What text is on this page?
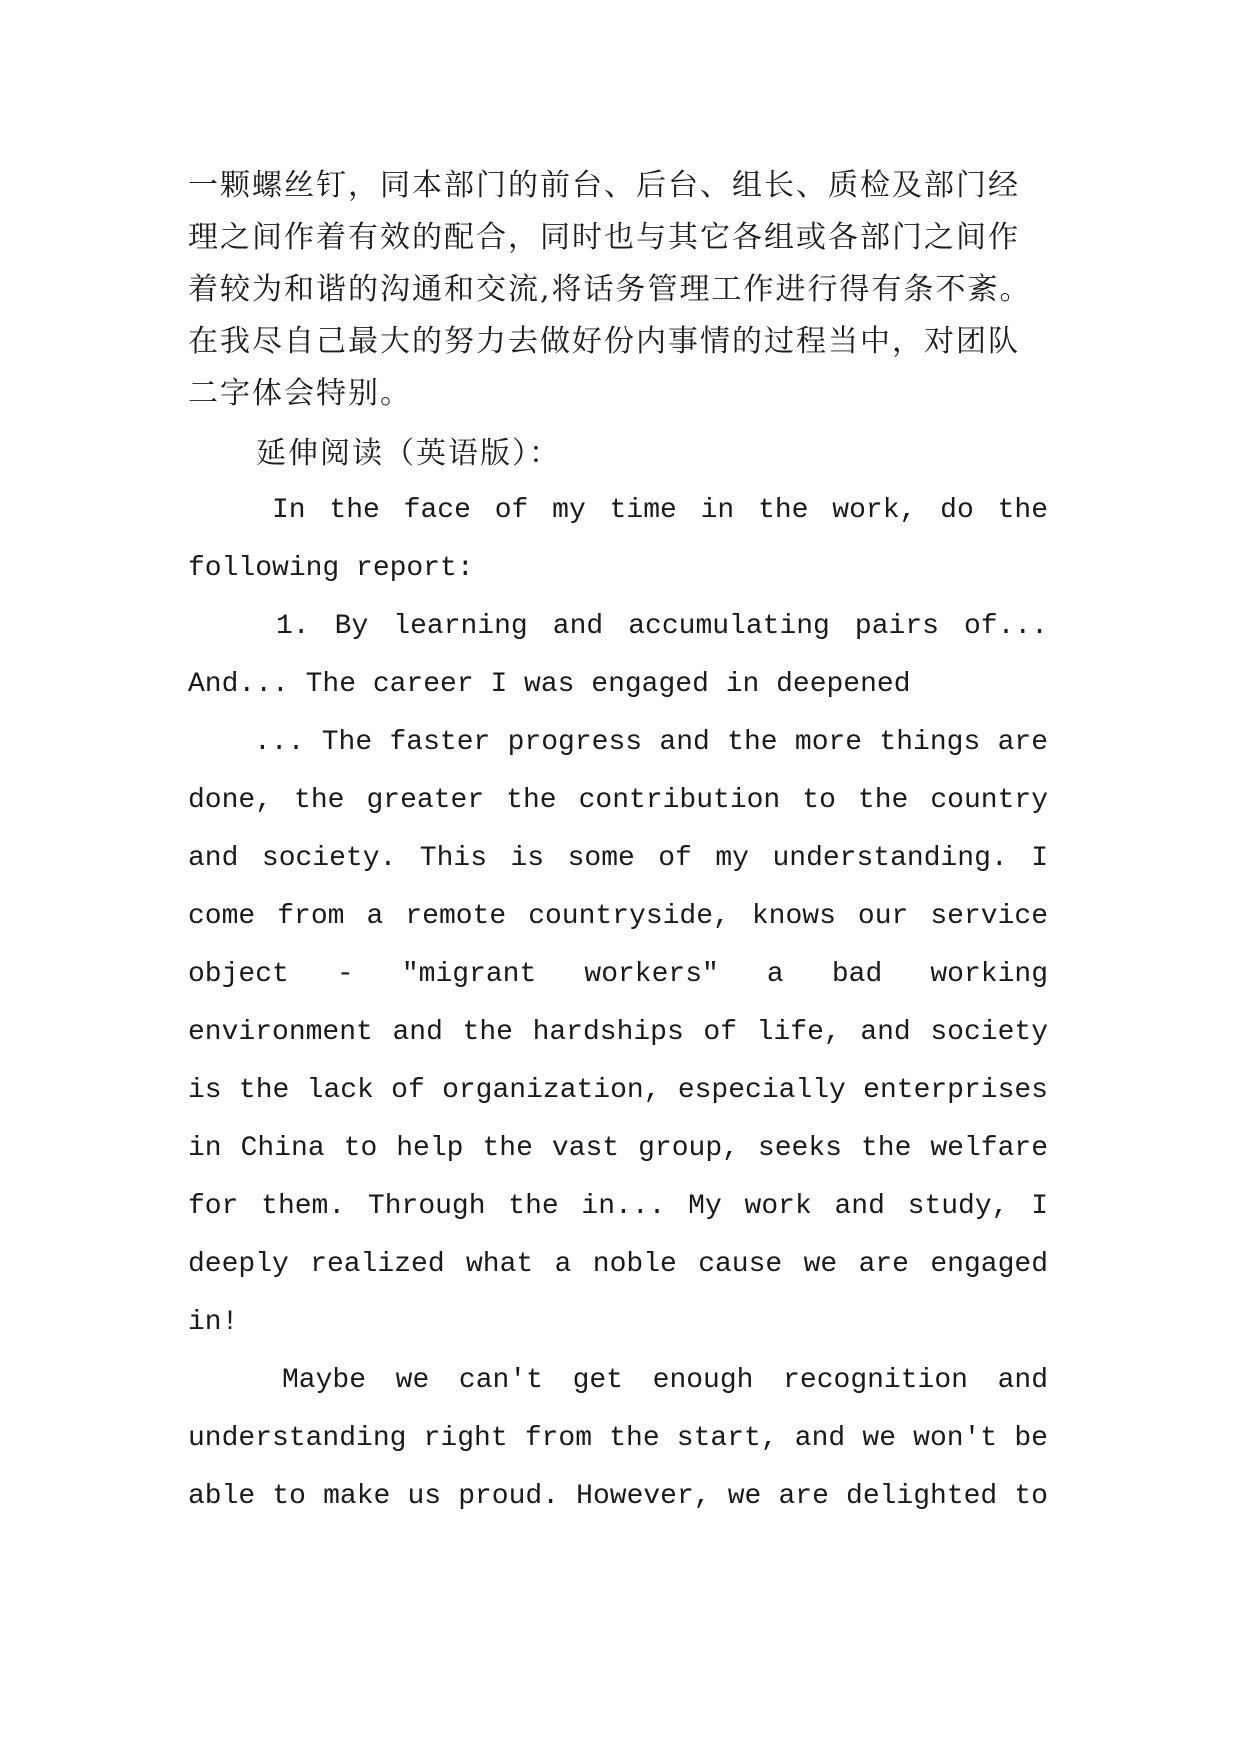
一颗螺丝钉，同本部门的前台、后台、组长、质检及部门经
理之间作着有效的配合，同时也与其它各组或各部门之间作
着较为和谐的沟通和交流,将话务管理工作进行得有条不紊。
在我尽自己最大的努力去做好份内事情的过程当中，对团队
二字体会特别。
延伸阅读（英语版）：
In the face of my time in the work, do the
following report:
1. By learning and accumulating pairs of...
And... The career I was engaged in deepened
... The faster progress and the more things are
done, the greater the contribution to the country
and society. This is some of my understanding. I
come from a remote countryside, knows our service
object - "migrant workers" a bad working
environment and the hardships of life, and society
is the lack of organization, especially enterprises
in China to help the vast group, seeks the welfare
for them. Through the in... My work and study, I
deeply realized what a noble cause we are engaged
in!
Maybe we can't get enough recognition and
understanding right from the start, and we won't be
able to make us proud. However, we are delighted to
